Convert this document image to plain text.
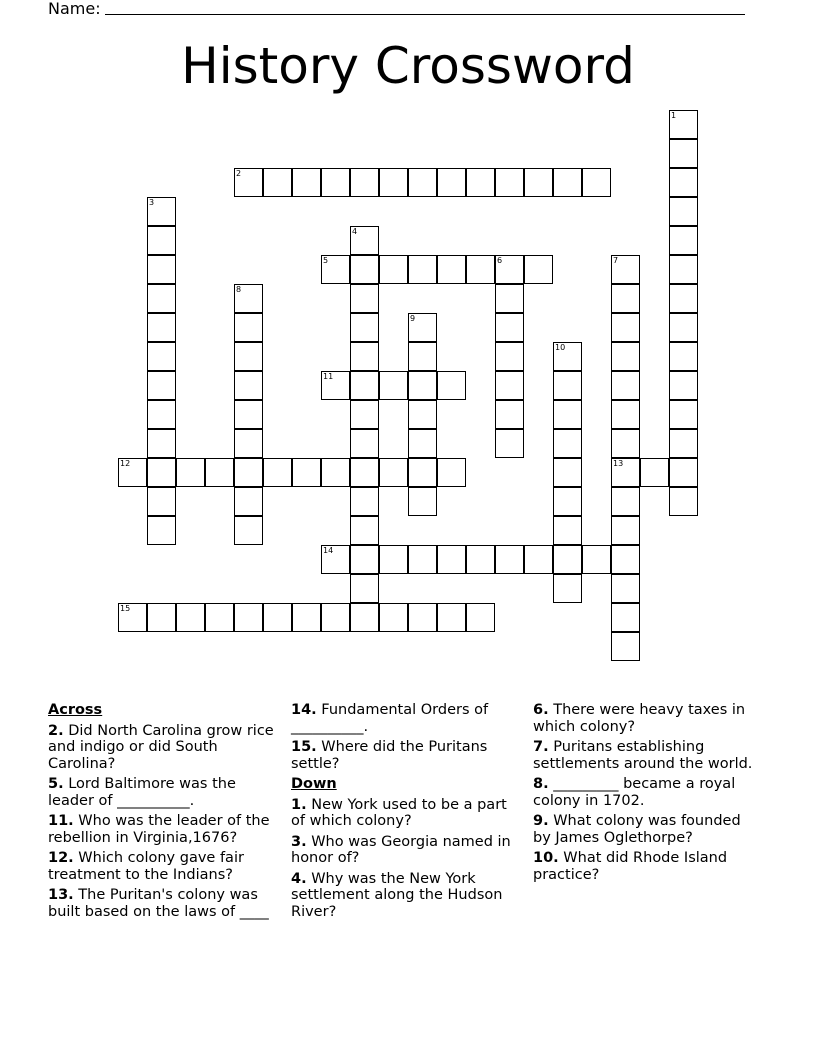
Name:
History Crossword
1
2
3
4
5	6	7
13
8
9
10
11
12
14
15
Across
2. Did North Carolina grow rice and indigo or did South Carolina?
5. Lord Baltimore was the leader of __________.
11. Who was the leader of the rebellion in Virginia,1676?
12. Which colony gave fair treatment to the Indians?
13. The Puritan's colony was built based on the laws of ____
14. Fundamental Orders of __________.
15. Where did the Puritans settle?
Down
1. New York used to be a part of which colony?
3. Who was Georgia named in honor of?
4. Why was the New York settlement along the Hudson River?
6. There were heavy taxes in which colony?
7. Puritans establishing settlements around the world.
8. _________ became a royal colony in 1702.
9. What colony was founded by James Oglethorpe?
10. What did Rhode Island practice?
